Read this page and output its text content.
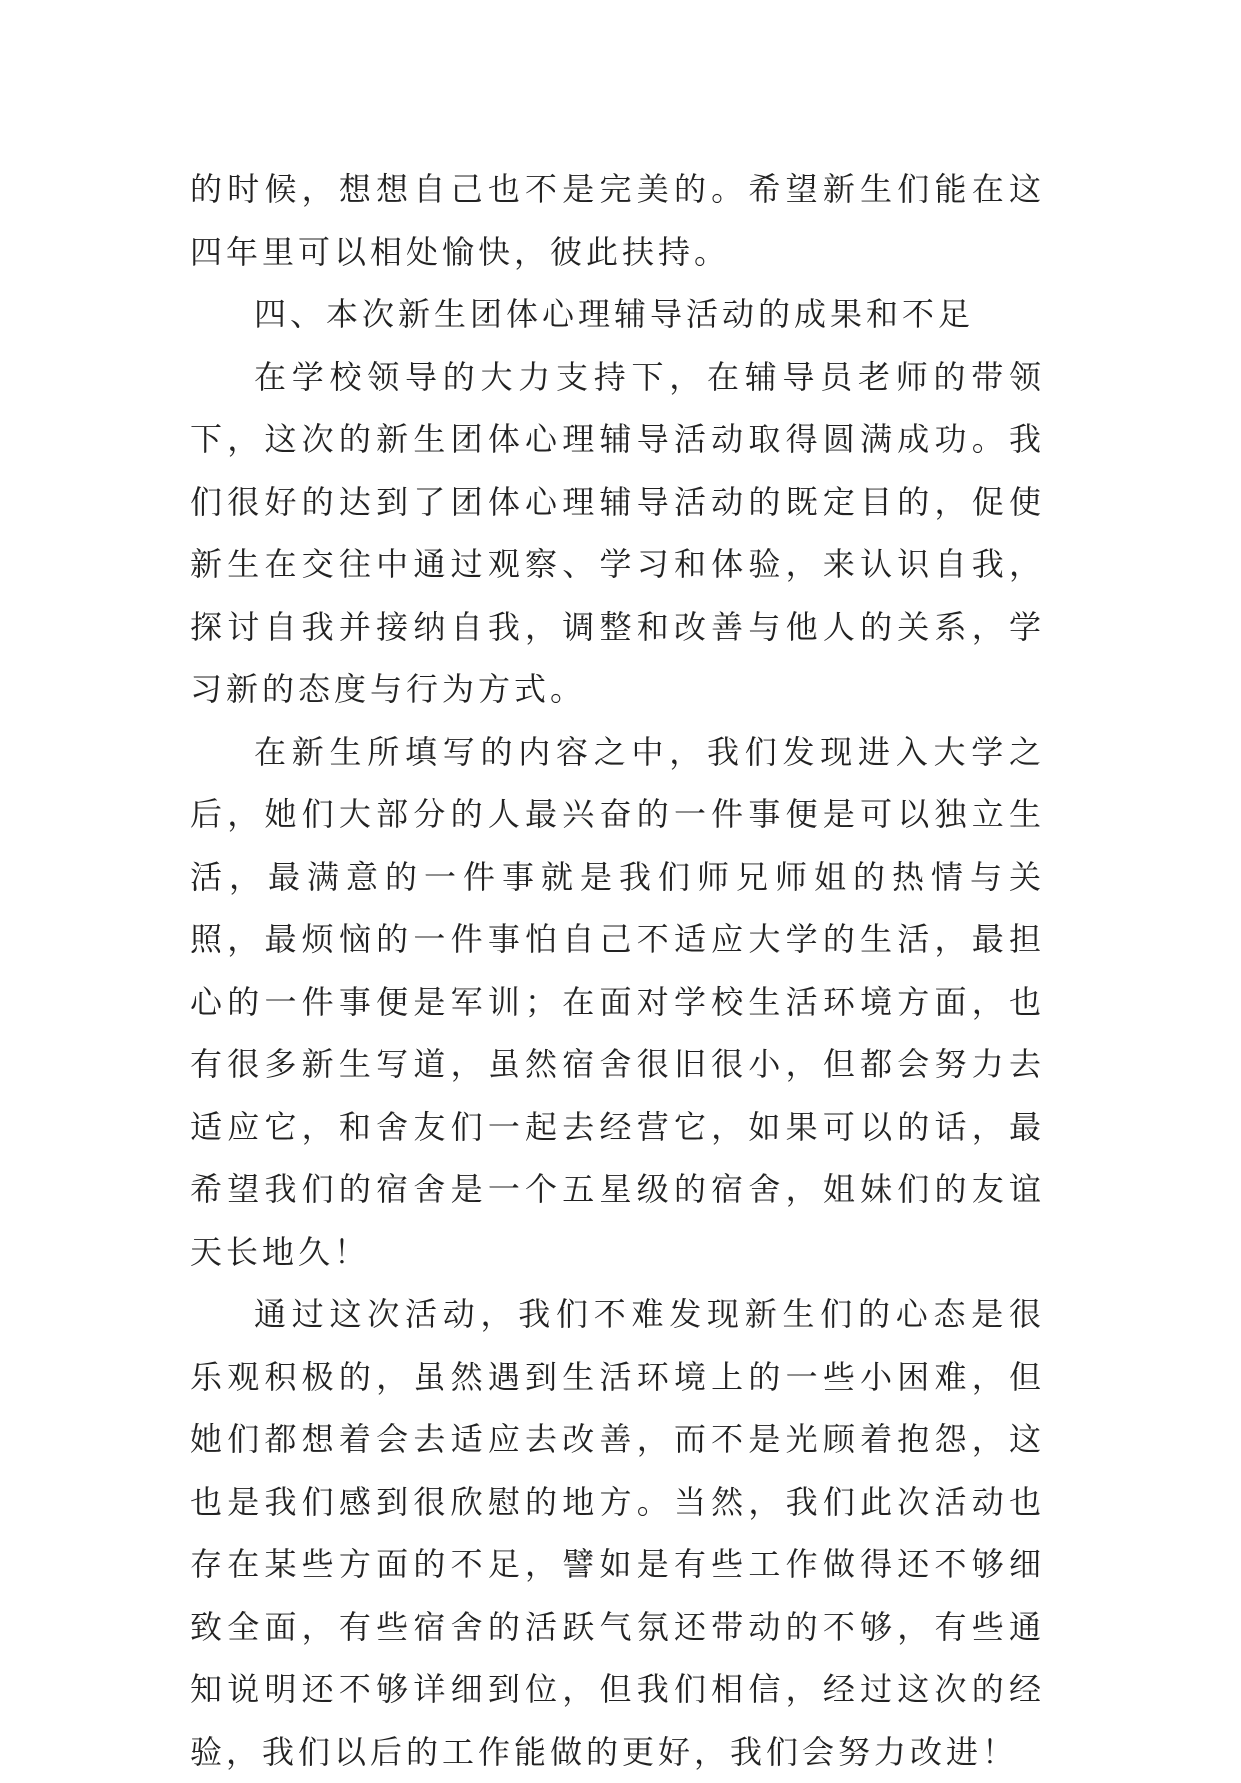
的时候，想想自己也不是完美的。希望新生们能在这四年里可以相处愉快，彼此扶持。

四、本次新生团体心理辅导活动的成果和不足

在学校领导的大力支持下，在辅导员老师的带领下，这次的新生团体心理辅导活动取得圆满成功。我们很好的达到了团体心理辅导活动的既定目的，促使新生在交往中通过观察、学习和体验，来认识自我，探讨自我并接纳自我，调整和改善与他人的关系，学习新的态度与行为方式。

在新生所填写的内容之中，我们发现进入大学之后，她们大部分的人最兴奋的一件事便是可以独立生活，最满意的一件事就是我们师兄师姐的热情与关照，最烦恼的一件事怕自己不适应大学的生活，最担心的一件事便是军训；在面对学校生活环境方面，也有很多新生写道，虽然宿舍很旧很小，但都会努力去适应它，和舍友们一起去经营它，如果可以的话，最希望我们的宿舍是一个五星级的宿舍，姐妹们的友谊天长地久！

通过这次活动，我们不难发现新生们的心态是很乐观积极的，虽然遇到生活环境上的一些小困难，但她们都想着会去适应去改善，而不是光顾着抱怨，这也是我们感到很欣慰的地方。当然，我们此次活动也存在某些方面的不足，譬如是有些工作做得还不够细致全面，有些宿舍的活跃气氛还带动的不够，有些通知说明还不够详细到位，但我们相信，经过这次的经验，我们以后的工作能做的更好，我们会努力改进！
